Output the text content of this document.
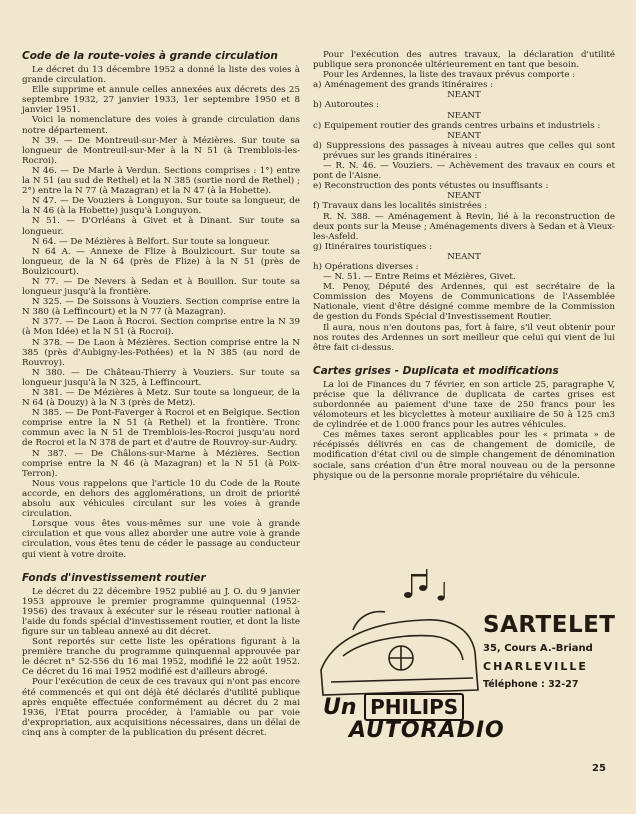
Code de la route-voies à grande circulation

Le décret du 13 décembre 1952 a donné la liste des voies à grande circulation.

Elle supprime et annule celles annexées aux décrets des 25 septembre 1932, 27 janvier 1933, 1er septembre 1950 et 8 janvier 1951.

Voici la nomenclature des voies à grande circulation dans notre département.

N 39. — De Montreuil-sur-Mer à Mézières. Sur toute sa longueur de Montreuil-sur-Mer à la N 51 (à Tremblois-les-Rocroi).

N 46. — De Marle à Verdun. Sections comprises : 1°) entre la N 51 (au sud de Rethel) et la N 385 (sortie nord de Rethel) ; 2°) entre la N 77 (à Mazagran) et la N 47 (à la Hobette).

N 47. — De Vouziers à Longuyon. Sur toute sa longueur, de la N 46 (à la Hobette) jusqu'à Longuyon.

N 51. — D'Orléans à Givet et à Dinant. Sur toute sa longueur.

N 64. — De Mézières à Belfort. Sur toute sa longueur.

N 64 A. — Annexe de Flize à Boulzicourt. Sur toute sa longueur, de la N 64 (près de Flize) à la N 51 (près de Boulzicourt).

N 77. — De Nevers à Sedan et à Bouillon. Sur toute sa longueur jusqu'à la frontière.

N 325. — De Soissons à Vouziers. Section comprise entre la N 380 (à Leffincourt) et la N 77 (à Mazagran).

N 377. — De Laon à Rocroi. Section comprise entre la N 39 (à Mon Idée) et la N 51 (à Rocroi).

N 378. — De Laon à Mézières. Section comprise entre la N 385 (près d'Aubigny-les-Pothées) et la N 385 (au nord de Rouvroy).

N 380. — De Château-Thierry à Vouziers. Sur toute sa longueur jusqu'à la N 325, à Leffincourt.

N 381. — De Mézières à Metz. Sur toute sa longueur, de la N 64 (à Douzy) à la N 3 (près de Metz).

N 385. — De Pont-Faverger à Rocroi et en Belgique. Section comprise entre la N 51 (à Rethel) et la frontière. Tronc commun avec la N 51 de Tremblois-les-Rocroi jusqu'au nord de Rocroi et la N 378 de part et d'autre de Rouvroy-sur-Audry.

N 387. — De Châlons-sur-Marne à Mézières. Section comprise entre la N 46 (à Mazagran) et la N 51 (à Poix-Terron).

Nous vous rappelons que l'article 10 du Code de la Route accorde, en dehors des agglomérations, un droit de priorité absolu aux véhicules circulant sur les voies à grande circulation.

Lorsque vous êtes vous-mêmes sur une voie à grande circulation et que vous allez aborder une autre voie à grande circulation, vous êtes tenu de céder le passage au conducteur qui vient à votre droite.

Fonds d'investissement routier

Le décret du 22 décembre 1952 publié au J. O. du 9 janvier 1953 approuve le premier programme quinquennal (1952-1956) des travaux à exécuter sur le réseau routier national à l'aide du fonds spécial d'investissement routier, et dont la liste figure sur un tableau annexé au dit décret.

Sont reportés sur cette liste les opérations figurant à la première tranche du programme quinquennal approuvée par le décret n° 52-556 du 16 mai 1952, modifié le 22 août 1952. Ce décret du 16 mai 1952 modifié est d'ailleurs abrogé.

Pour l'exécution de ceux de ces travaux qui n'ont pas encore été commencés et qui ont déjà été déclarés d'utilité publique après enquête effectuée conformément au décret du 2 mai 1936, l'Etat pourra procéder, à l'amiable ou par voie d'expropriation, aux acquisitions nécessaires, dans un délai de cinq ans à compter de la publication du présent décret.

Pour l'exécution des autres travaux, la déclaration d'utilité publique sera prononcée ultérieurement en tant que besoin.

Pour les Ardennes, la liste des travaux prévus comporte :

a) Aménagement des grands itinéraires :

NEANT

b) Autoroutes :

NEANT

c) Equipement routier des grands centres urbains et industriels :

NEANT

d) Suppressions des passages à niveau autres que celles qui sont prévues sur les grands itinéraires :

— R. N. 46. — Vouziers. — Achèvement des travaux en cours et pont de l'Aisne.

e) Reconstruction des ponts vétustes ou insuffisants :

NEANT

f) Travaux dans les localités sinistrées :

R. N. 388. — Aménagement à Revin, lié à la reconstruction de deux ponts sur la Meuse ; Aménagements divers à Sedan et à Vieux-les-Asfeld.

g) Itinéraires touristiques :

NEANT

h) Opérations diverses :

— N. 51. — Entre Reims et Mézières, Givet.

M. Penoy, Député des Ardennes, qui est secrétaire de la Commission des Moyens de Communications de l'Assemblée Nationale, vient d'être désigné comme membre de la Commission de gestion du Fonds Spécial d'Investissement Routier.

Il aura, nous n'en doutons pas, fort à faire, s'il veut obtenir pour nos routes des Ardennes un sort meilleur que celui qui vient de lui être fait ci-dessus.

Cartes grises - Duplicata et modifications

La loi de Finances du 7 février, en son article 25, paragraphe V, précise que la délivrance de duplicata de cartes grises est subordonnée au paiement d'une taxe de 250 francs pour les vélomoteurs et les bicyclettes à moteur auxiliaire de 50 à 125 cm3 de cylindrée et de 1.000 francs pour les autres véhicules.

Ces mêmes taxes seront applicables pour les « primata » de récépissés délivrés en cas de changement de domicile, de modification d'état civil ou de simple changement de dénomination sociale, sans création d'un être moral nouveau ou de la personne physique ou de la personne morale propriétaire du véhicule.

SARTELET
35, Cours A.-Briand
CHARLEVILLE
Téléphone : 32-27
Un PHILIPS
AUTORADIO
25
